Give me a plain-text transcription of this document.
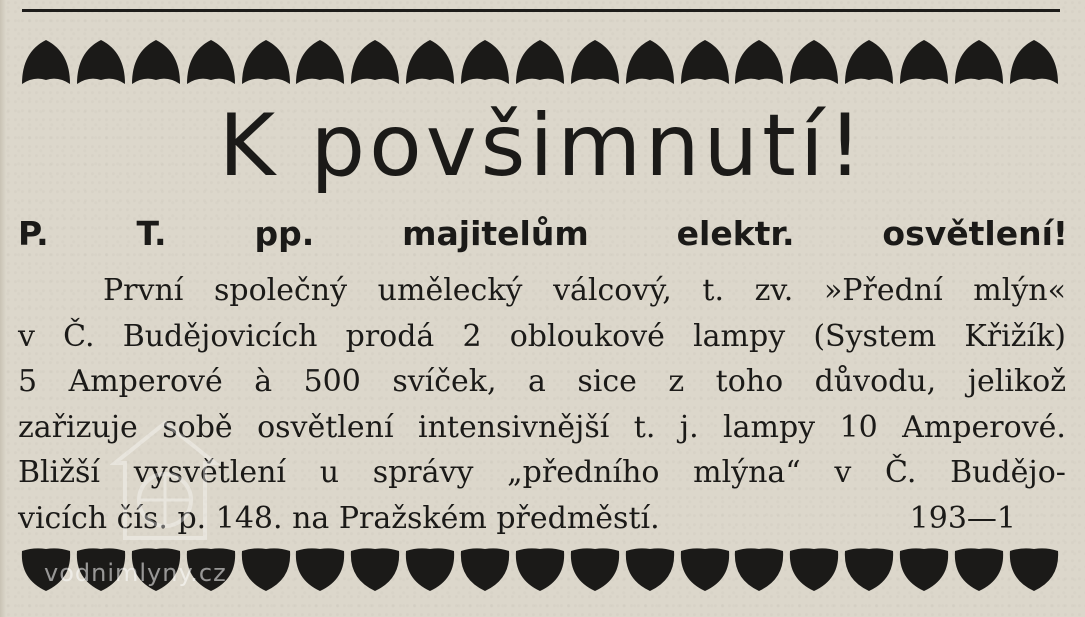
K povšimnutí!
P.	T.	pp.	majitelům	elektr.	osvětlení!
První společný umělecký válcový, t. zv. »Přední mlýn«
v Č. Budějovicích prodá 2 obloukové lampy (System Křižík)
5 Amperové à 500 svíček, a sice z toho důvodu, jelikož
zařizuje sobě osvětlení intensivnější t. j. lampy 10 Amperové.
Bližší vysvětlení u správy „předního mlýna“ v Č. Budějo-
vicích čís. p. 148. na Pražském předměstí.	193—1
vodnimlyny.cz
